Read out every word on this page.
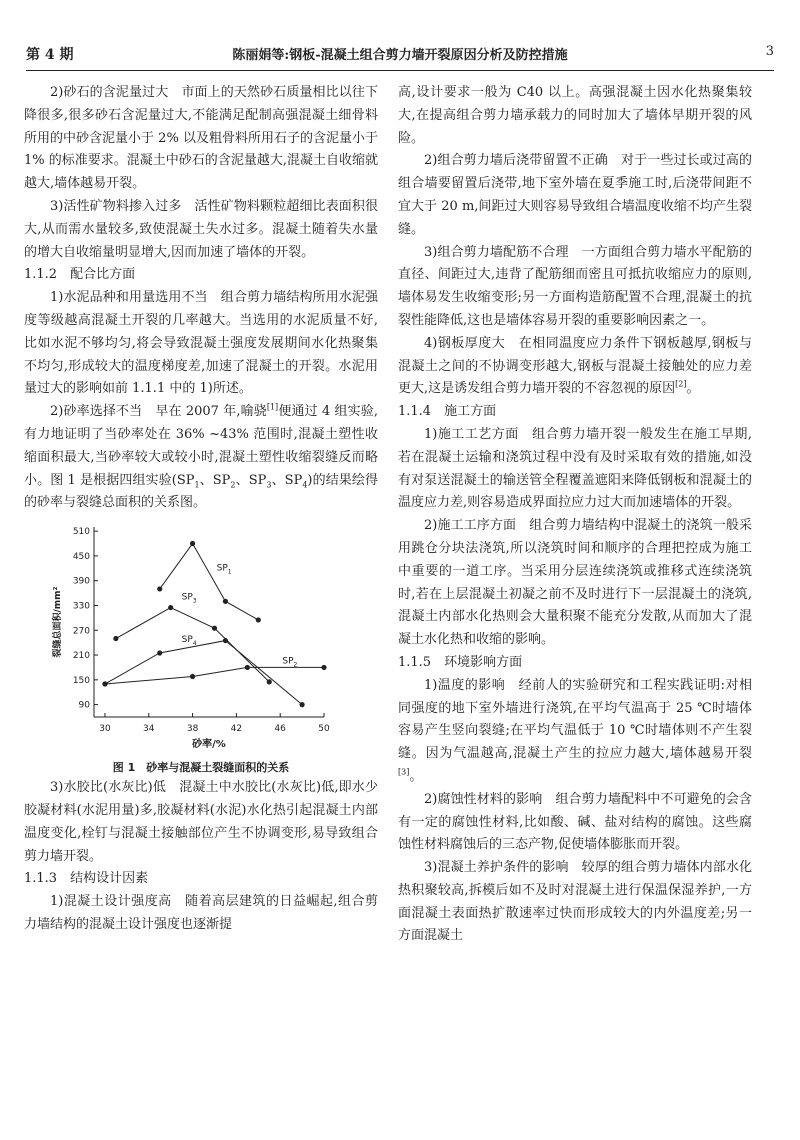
第 4 期	陈丽娟等:钢板-混凝土组合剪力墙开裂原因分析及防控措施	3

2)砂石的含泥量过大　市面上的天然砂石质量相比以往下降很多,很多砂石含泥量过大,不能满足配制高强混凝土细骨料所用的中砂含泥量小于 2% 以及粗骨料所用石子的含泥量小于 1% 的标准要求。混凝土中砂石的含泥量越大,混凝土自收缩就越大,墙体越易开裂。

3)活性矿物料掺入过多　活性矿物料颗粒超细比表面积很大,从而需水量较多,致使混凝土失水过多。混凝土随着失水量的增大自收缩量明显增大,因而加速了墙体的开裂。

1.1.2　配合比方面

1)水泥品种和用量选用不当　组合剪力墙结构所用水泥强度等级越高混凝土开裂的几率越大。当选用的水泥质量不好,比如水泥不够均匀,将会导致混凝土强度发展期间水化热聚集不均匀,形成较大的温度梯度差,加速了混凝土的开裂。水泥用量过大的影响如前 1.1.1 中的 1)所述。

2)砂率选择不当　早在 2007 年,喻骁[1]便通过 4 组实验,有力地证明了当砂率处在 36% ~43% 范围时,混凝土塑性收缩面积最大,当砂率较大或较小时,混凝土塑性收缩裂缝反而略小。图 1 是根据四组实验($SP_1$、$SP_2$、$SP_3$、$SP_4$)的结果绘得的砂率与裂缝总面积的关系图。

30	34	38	42	46	50
90
150
210
270
330
390
450
510
砂率/%
裂缝总面积/mm²
$SP_1$
$SP_2$
$SP_3$
$SP_4$

图 1　砂率与混凝土裂缝面积的关系

3)水胶比(水灰比)低　混凝土中水胶比(水灰比)低,即水少胶凝材料(水泥用量)多,胶凝材料(水泥)水化热引起混凝土内部温度变化,栓钉与混凝土接触部位产生不协调变形,易导致组合剪力墙开裂。

1.1.3　结构设计因素

1)混凝土设计强度高　随着高层建筑的日益崛起,组合剪力墙结构的混凝土设计强度也逐渐提

高,设计要求一般为 C40 以上。高强混凝土因水化热聚集较大,在提高组合剪力墙承载力的同时加大了墙体早期开裂的风险。

2)组合剪力墙后浇带留置不正确　对于一些过长或过高的组合墙要留置后浇带,地下室外墙在夏季施工时,后浇带间距不宜大于 20 m,间距过大则容易导致组合墙温度收缩不均产生裂缝。

3)组合剪力墙配筋不合理　一方面组合剪力墙水平配筋的直径、间距过大,违背了配筋细而密且可抵抗收缩应力的原则,墙体易发生收缩变形;另一方面构造筋配置不合理,混凝土的抗裂性能降低,这也是墙体容易开裂的重要影响因素之一。

4)钢板厚度大　在相同温度应力条件下钢板越厚,钢板与混凝土之间的不协调变形越大,钢板与混凝土接触处的应力差更大,这是诱发组合剪力墙开裂的不容忽视的原因[2]。

1.1.4　施工方面

1)施工工艺方面　组合剪力墙开裂一般发生在施工早期,若在混凝土运输和浇筑过程中没有及时采取有效的措施,如没有对泵送混凝土的输送管全程覆盖遮阳来降低钢板和混凝土的温度应力差,则容易造成界面拉应力过大而加速墙体的开裂。

2)施工工序方面　组合剪力墙结构中混凝土的浇筑一般采用跳仓分块法浇筑,所以浇筑时间和顺序的合理把控成为施工中重要的一道工序。当采用分层连续浇筑或推移式连续浇筑时,若在上层混凝土初凝之前不及时进行下一层混凝土的浇筑,混凝土内部水化热则会大量积聚不能充分发散,从而加大了混凝土水化热和收缩的影响。

1.1.5　环境影响方面

1)温度的影响　经前人的实验研究和工程实践证明:对相同强度的地下室外墙进行浇筑,在平均气温高于 25 ℃时墙体容易产生竖向裂缝;在平均气温低于 10 ℃时墙体则不产生裂缝。因为气温越高,混凝土产生的拉应力越大,墙体越易开裂[3]。

2)腐蚀性材料的影响　组合剪力墙配料中不可避免的会含有一定的腐蚀性材料,比如酸、碱、盐对结构的腐蚀。这些腐蚀性材料腐蚀后的三态产物,促使墙体膨胀而开裂。

3)混凝土养护条件的影响　较厚的组合剪力墙体内部水化热积聚较高,拆模后如不及时对混凝土进行保温保湿养护,一方面混凝土表面热扩散速率过快而形成较大的内外温度差;另一方面混凝土
